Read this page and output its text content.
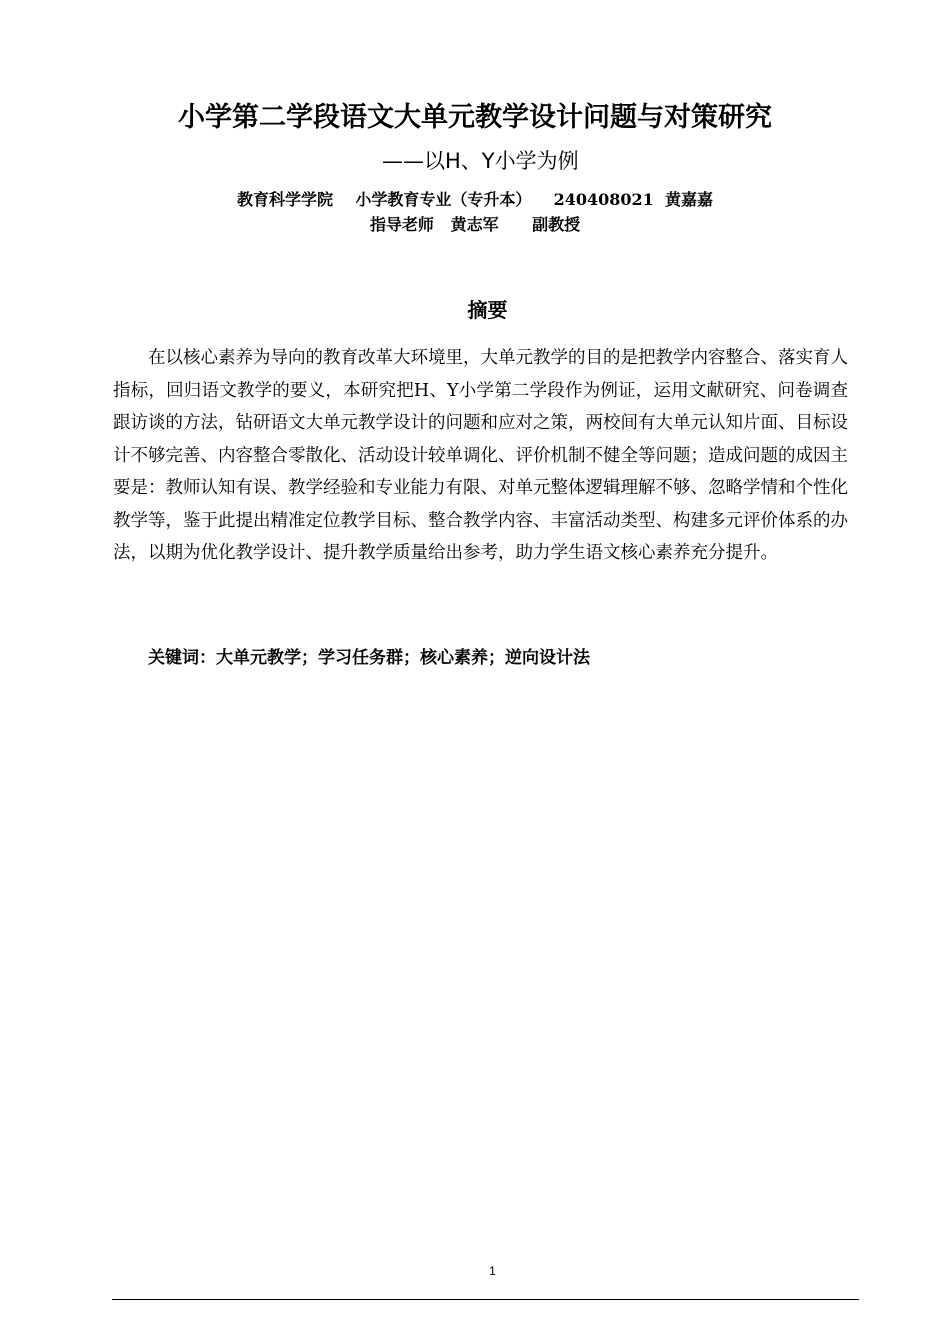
小学第二学段语文大单元教学设计问题与对策研究
——以H、Y小学为例
教育科学学院 小学教育专业（专升本） 240408021 黄嘉嘉
指导老师 黄志军 副教授
摘要

在以核心素养为导向的教育改革大环境里，大单元教学的目的是把教学内容整合、落实育人指标，回归语文教学的要义，本研究把H、Y小学第二学段作为例证，运用文献研究、问卷调查跟访谈的方法，钻研语文大单元教学设计的问题和应对之策，两校间有大单元认知片面、目标设计不够完善、内容整合零散化、活动设计较单调化、评价机制不健全等问题；造成问题的成因主要是：教师认知有误、教学经验和专业能力有限、对单元整体逻辑理解不够、忽略学情和个性化教学等，鉴于此提出精准定位教学目标、整合教学内容、丰富活动类型、构建多元评价体系的办法，以期为优化教学设计、提升教学质量给出参考，助力学生语文核心素养充分提升。

关键词：大单元教学；学习任务群；核心素养；逆向设计法
1
